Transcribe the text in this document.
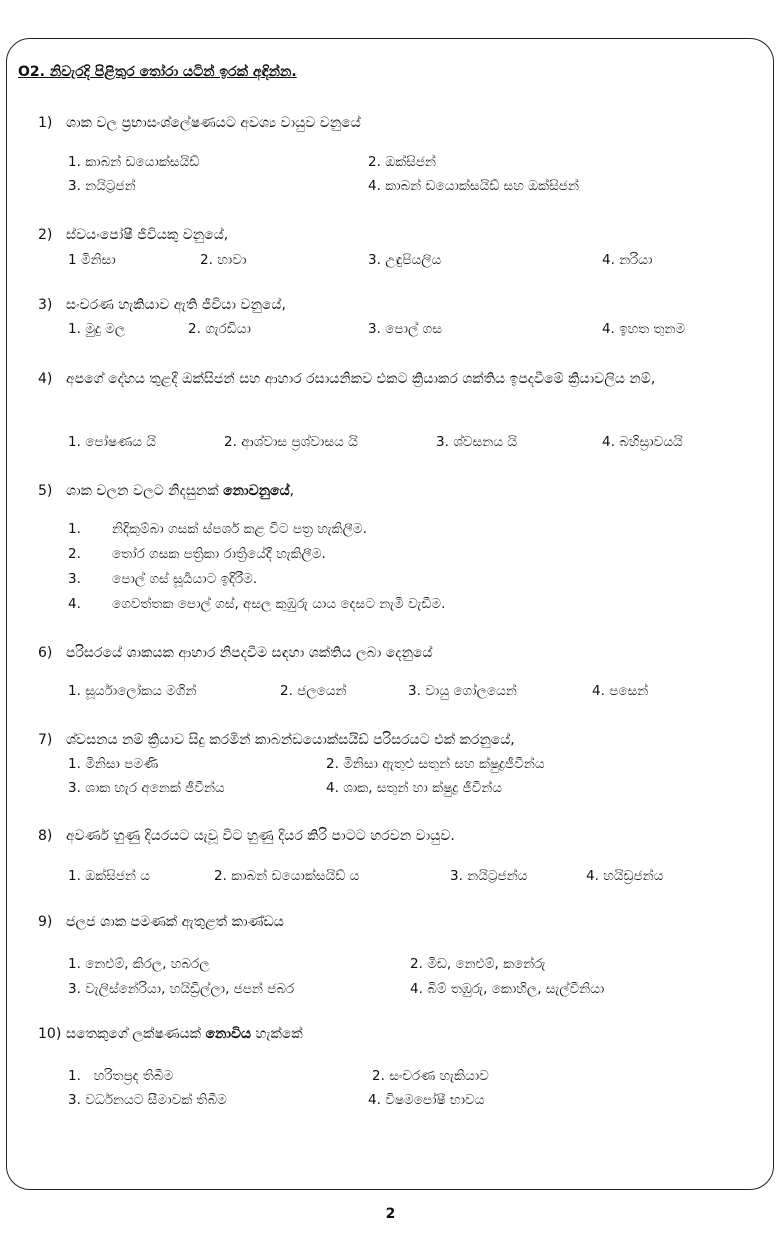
O2. නිවැරදි පිළිතුර තෝරා යටින් ඉරක් අඳින්න.
1) ශාක වල ප්‍රභාසංශ්ලේෂණයට අවශ්‍ය වායුව වනුයේ
1. කාබන් ඩයොක්සයිඩ්	2. ඔක්සිජන්
3. නයිට්‍රජන්	4. කාබන් ඩයොක්සයිඩ් සහ ඔක්සිජන්
2) ස්වයංපෝෂී ජීවියකු වනුයේ,
1 මිනිසා	2. හාවා	3. උඳුපියලිය	4. නරියා
3) සංචරණ හැකියාව ඇති ජීවියා වනුයේ,
1. මුදු මල	2. ගැරඩියා	3. පොල් ගස	4. ඉහත තුනම
4) අපගේ දේහය තුළදී ඔක්සිජන් සහ ආහාර රසායනිකව එකට ක්‍රියාකර ශක්තිය ඉපදවීමේ ක්‍රියාවලිය නම්,
1. පෝෂණය යි	2. ආශ්වාස ප්‍රශ්වාසය යි	3. ශ්වසනය යි	4. බහිස්‍රාවයයි
5) ශාක චලන වලට නිදසුනක් නොවනුයේ,
1. නිදිකුම්බා ගසක් ස්පර්ශ කළ විට පත්‍ර හැකිලීම.
2. තෝර ගසක පත්‍රිකා රාත්‍රියේදී හැකිලීම.
3. පොල් ගස් සූර්‍යයාට ඉදිරීම.
4. ගෙවත්තක පොල් ගස්, අසල කුඹුරු යාය දෙසට නැමී වැඩීම.
6) පරිසරයේ ශාකයක ආහාර නිපදවීම සඳහා ශක්තිය ලබා දෙනුයේ
1. සූර්යාලෝකය මගින්	2. ජලයෙන්	3. වායු ගෝලයෙන්	4. පසෙන්
7) ශ්වසනය නම් ක්‍රියාව සිදු කරමින් කාබන්ඩයොක්සයිඩ් පරිසරයට එක් කරනුයේ,
1. මිනිසා පමණි	2. මිනිසා ඇතුළු සතුන් සහ ක්ෂුද්‍රජීවීන්ය
3. ශාක හැර අනෙක් ජීවීන්ය	4. ශාක, සතුන් හා ක්ෂුද්‍ර ජීවීන්ය
8) අවර්ණ හුණු දියරයට යැවූ විට හුණු දියර කිරි පාටට හරවන වායුව.
1. ඔක්සිජන් ය	2. කාබන් ඩයොක්සයිඩ් ය	3. නයිට්‍රජන්ය	4. හයිඩ්‍රජන්ය
9) ජලජ ශාක පමණක් ඇතුළත් කාණ්ඩය
1. නෙළුම්, කිරල, හබරල	2. මිඩ, නෙළුම්, කනේරු
3. වැලිස්නේරියා, හයිඩ්‍රිල්ලා, ජපන් ජබර	4. බිම් තඹුරු, කොහිල, සැල්වීනියා
10) සතෙකුගේ ලක්ෂණයක් නොවිය හැක්කේ
1. හරිතප්‍රද තිබීම	2. සංචරණ හැකියාව
3. වර්ධනයට සීමාවක් තිබීම	4. විෂමපෝෂී භාවය
2
